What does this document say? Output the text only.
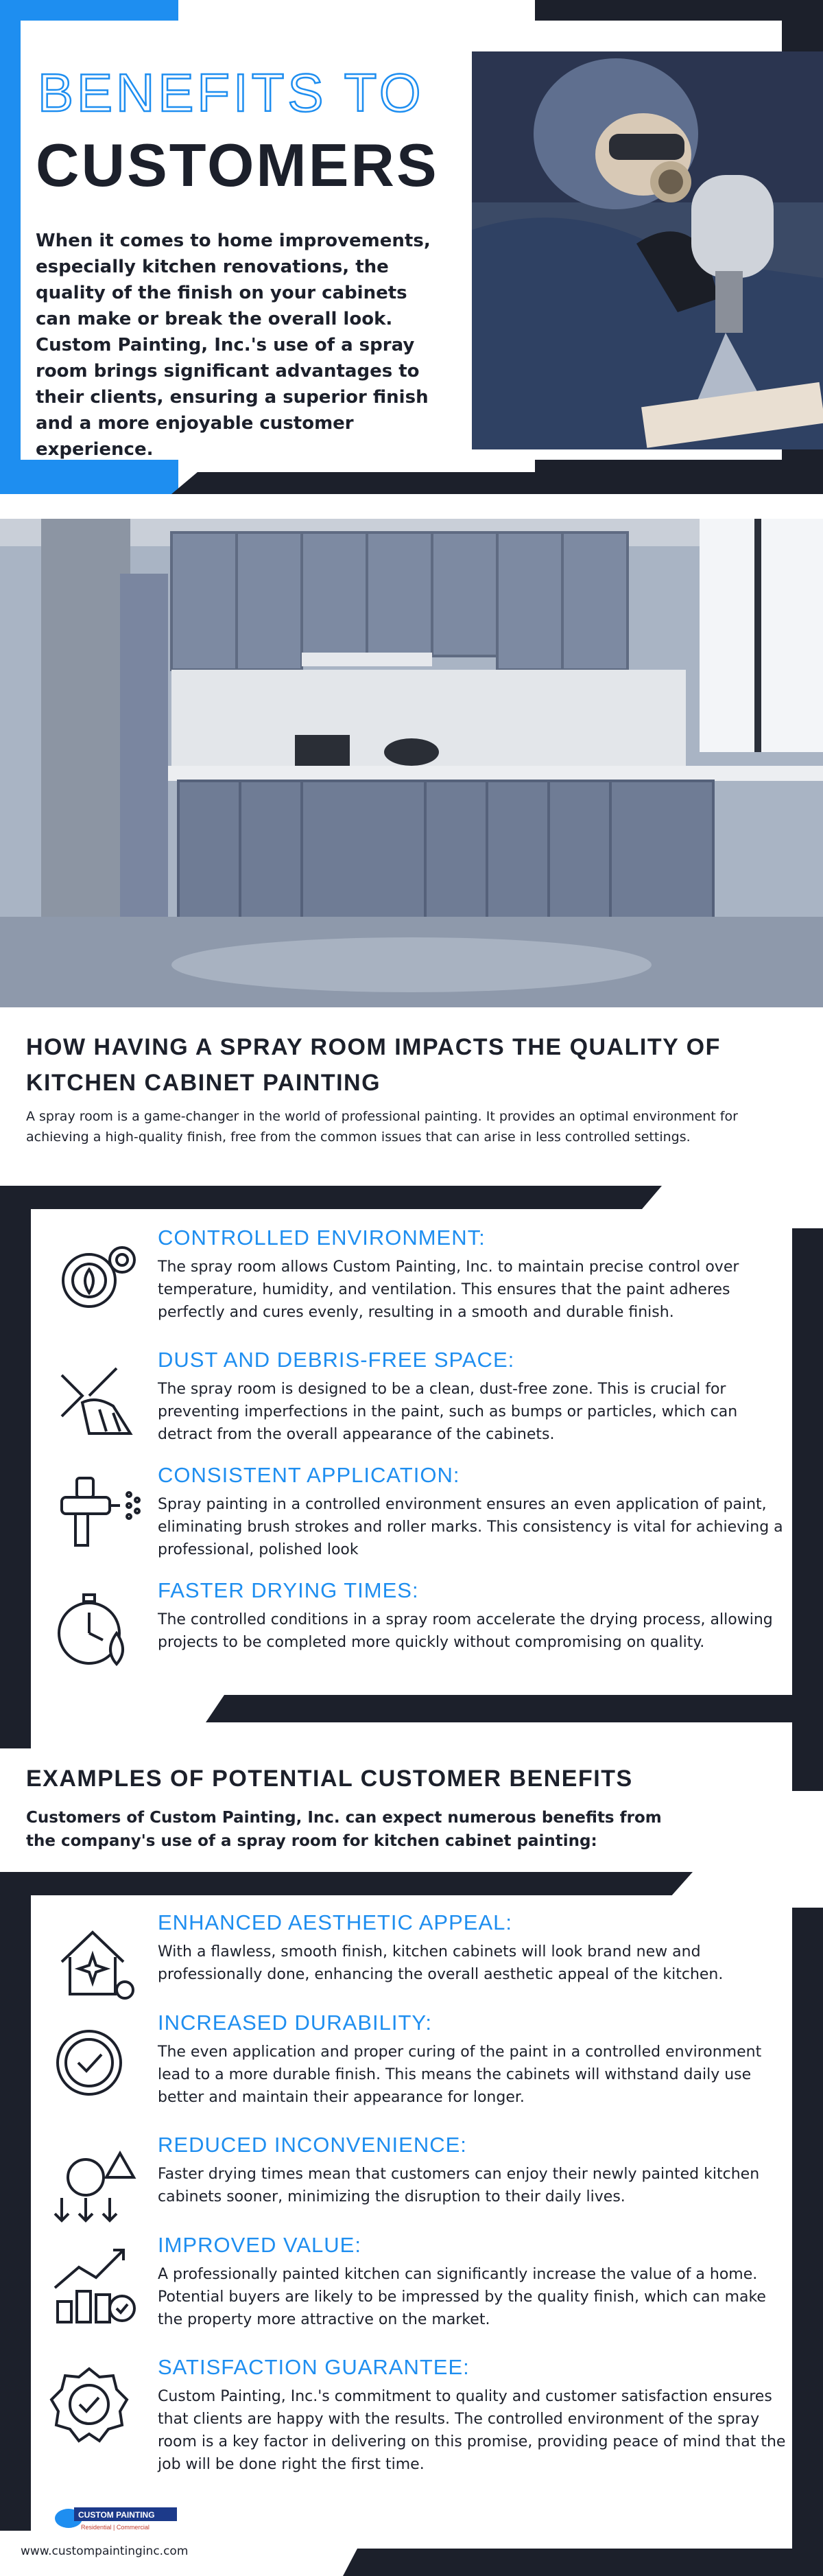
BENEFITS TO
CUSTOMERS
When it comes to home improvements, especially kitchen renovations, the quality of the finish on your cabinets can make or break the overall look. Custom Painting, Inc.'s use of a spray room brings significant advantages to their clients, ensuring a superior finish and a more enjoyable customer experience.
HOW HAVING A SPRAY ROOM IMPACTS THE QUALITY OF KITCHEN CABINET PAINTING
A spray room is a game-changer in the world of professional painting. It provides an optimal environment for achieving a high-quality finish, free from the common issues that can arise in less controlled settings.
CONTROLLED ENVIRONMENT:
The spray room allows Custom Painting, Inc. to maintain precise control over temperature, humidity, and ventilation. This ensures that the paint adheres perfectly and cures evenly, resulting in a smooth and durable finish.
DUST AND DEBRIS-FREE SPACE:
The spray room is designed to be a clean, dust-free zone. This is crucial for preventing imperfections in the paint, such as bumps or particles, which can detract from the overall appearance of the cabinets.
CONSISTENT APPLICATION:
Spray painting in a controlled environment ensures an even application of paint, eliminating brush strokes and roller marks. This consistency is vital for achieving a professional, polished look
FASTER DRYING TIMES:
The controlled conditions in a spray room accelerate the drying process, allowing projects to be completed more quickly without compromising on quality.
EXAMPLES OF POTENTIAL CUSTOMER BENEFITS
Customers of Custom Painting, Inc. can expect numerous benefits from the company's use of a spray room for kitchen cabinet painting:
ENHANCED AESTHETIC APPEAL:
With a flawless, smooth finish, kitchen cabinets will look brand new and professionally done, enhancing the overall aesthetic appeal of the kitchen.
INCREASED DURABILITY:
The even application and proper curing of the paint in a controlled environment lead to a more durable finish. This means the cabinets will withstand daily use better and maintain their appearance for longer.
REDUCED INCONVENIENCE:
Faster drying times mean that customers can enjoy their newly painted kitchen cabinets sooner, minimizing the disruption to their daily lives.
IMPROVED VALUE:
A professionally painted kitchen can significantly increase the value of a home. Potential buyers are likely to be impressed by the quality finish, which can make the property more attractive on the market.
SATISFACTION GUARANTEE:
Custom Painting, Inc.'s commitment to quality and customer satisfaction ensures that clients are happy with the results. The controlled environment of the spray room is a key factor in delivering on this promise, providing peace of mind that the job will be done right the first time.
CUSTOM PAINTING
Residential | Commercial
www.custompaintinginc.com
